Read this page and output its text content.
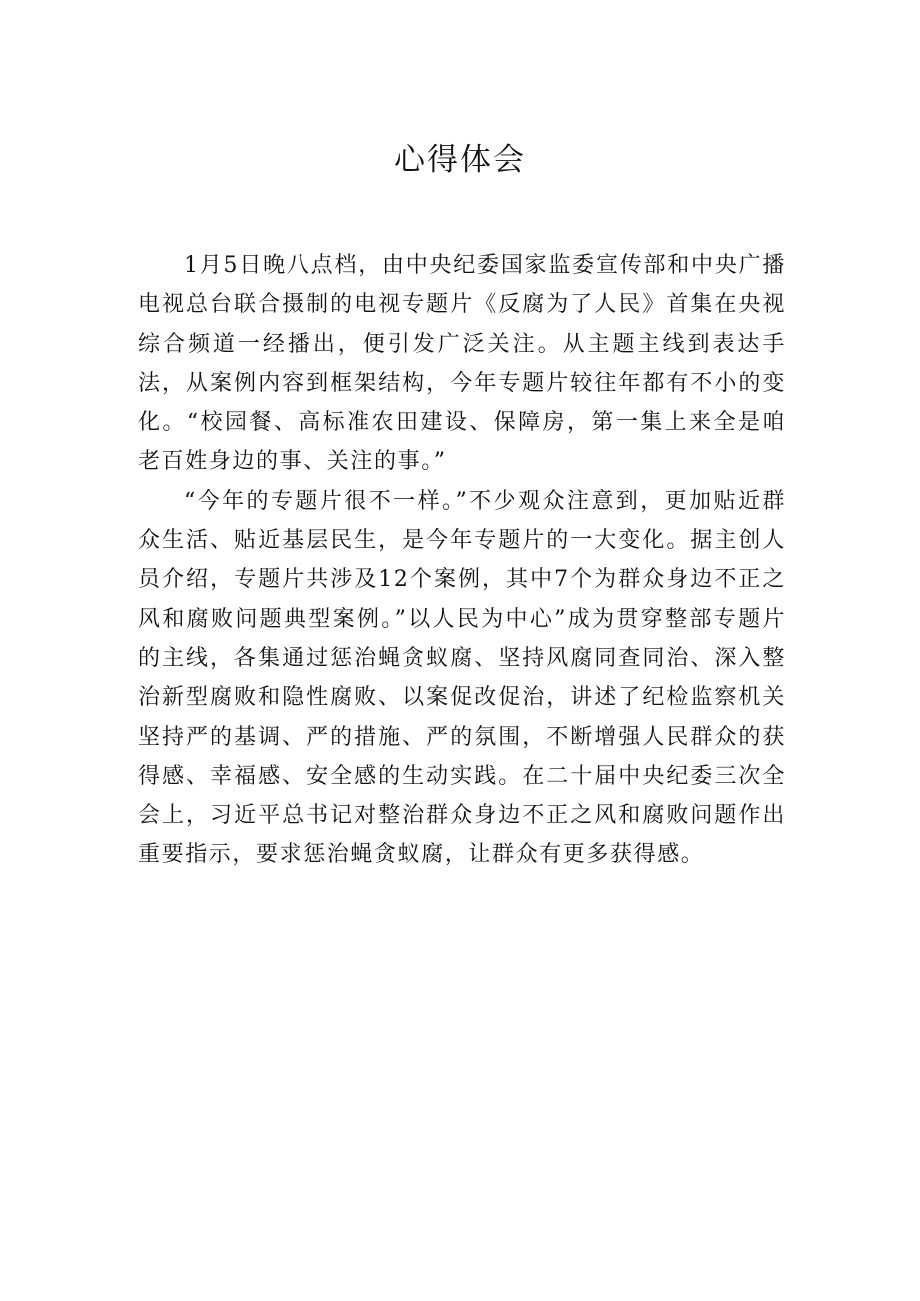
心得体会

1月5日晚八点档，由中央纪委国家监委宣传部和中央广播电视总台联合摄制的电视专题片《反腐为了人民》首集在央视综合频道一经播出，便引发广泛关注。从主题主线到表达手法，从案例内容到框架结构，今年专题片较往年都有不小的变化。“校园餐、高标准农田建设、保障房，第一集上来全是咱老百姓身边的事、关注的事。”

“今年的专题片很不一样。”不少观众注意到，更加贴近群众生活、贴近基层民生，是今年专题片的一大变化。据主创人员介绍，专题片共涉及12个案例，其中7个为群众身边不正之风和腐败问题典型案例。”以人民为中心”成为贯穿整部专题片的主线，各集通过惩治蝇贪蚁腐、坚持风腐同查同治、深入整治新型腐败和隐性腐败、以案促改促治，讲述了纪检监察机关坚持严的基调、严的措施、严的氛围，不断增强人民群众的获得感、幸福感、安全感的生动实践。在二十届中央纪委三次全会上，习近平总书记对整治群众身边不正之风和腐败问题作出重要指示，要求惩治蝇贪蚁腐，让群众有更多获得感。
